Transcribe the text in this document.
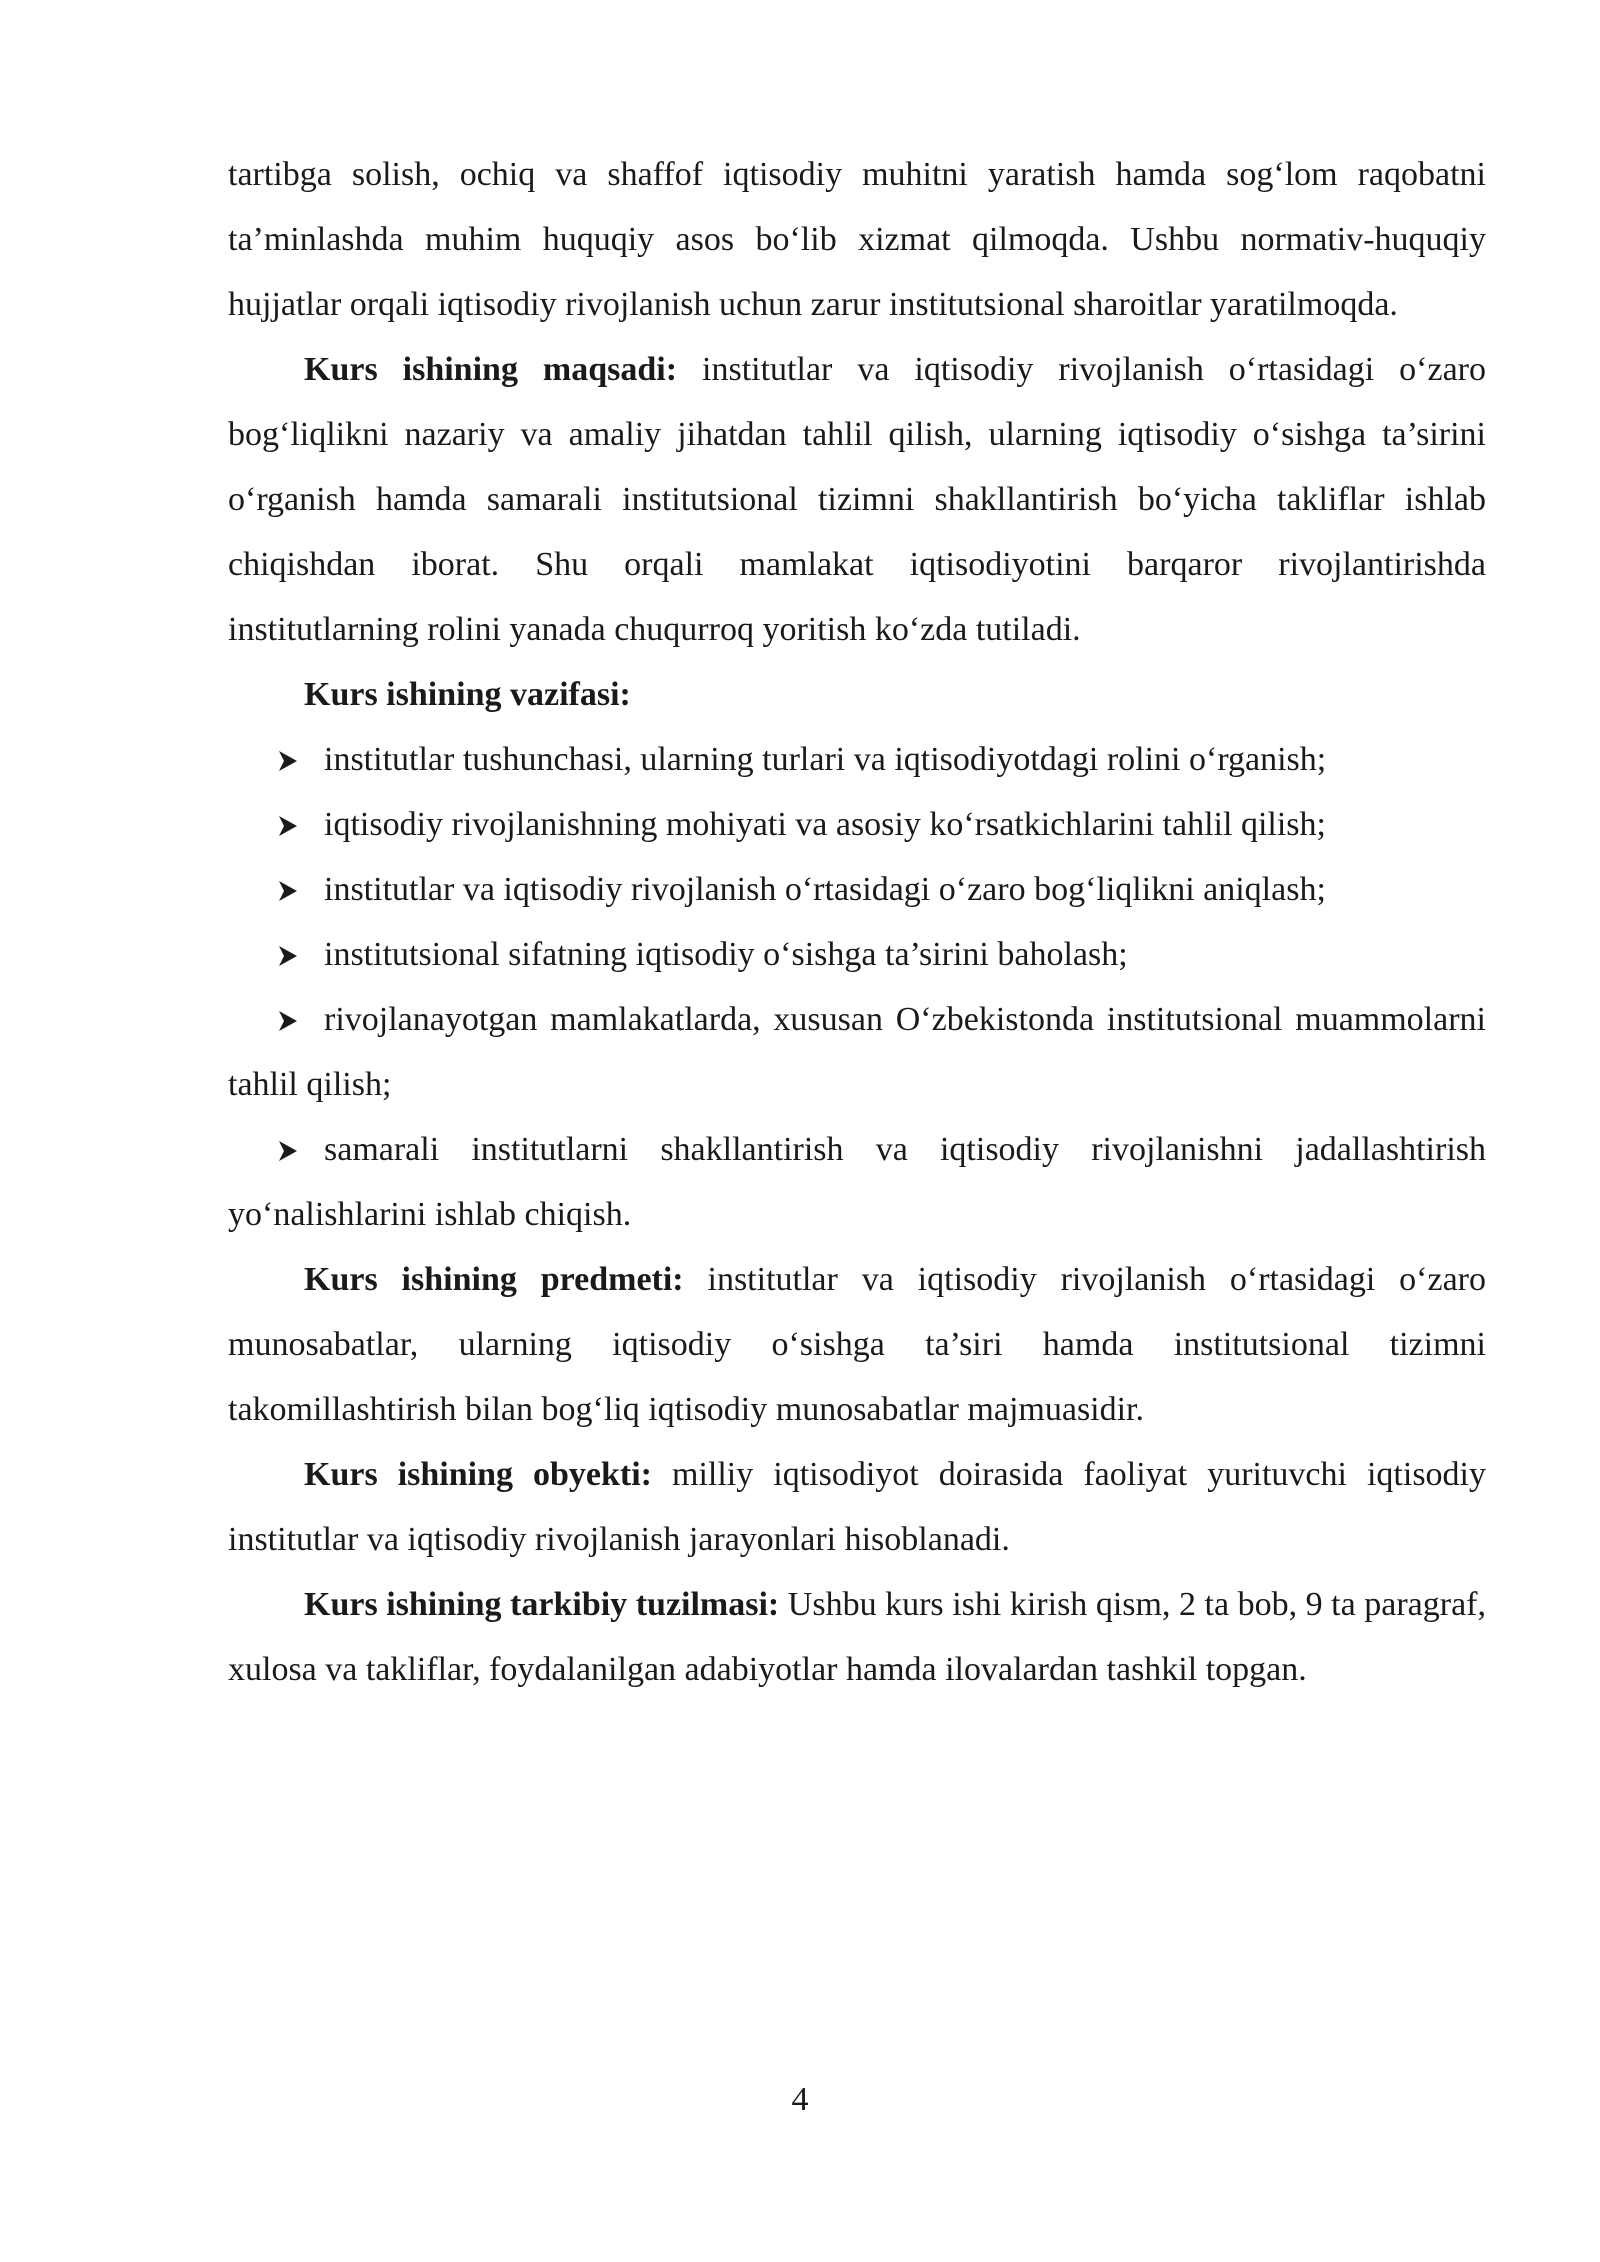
tartibga solish, ochiq va shaffof iqtisodiy muhitni yaratish hamda sog‘lom raqobatni ta’minlashda muhim huquqiy asos bo‘lib xizmat qilmoqda. Ushbu normativ-huquqiy hujjatlar orqali iqtisodiy rivojlanish uchun zarur institutsional sharoitlar yaratilmoqda.

Kurs ishining maqsadi: institutlar va iqtisodiy rivojlanish o‘rtasidagi o‘zaro bog‘liqlikni nazariy va amaliy jihatdan tahlil qilish, ularning iqtisodiy o‘sishga ta’sirini o‘rganish hamda samarali institutsional tizimni shakllantirish bo‘yicha takliflar ishlab chiqishdan iborat. Shu orqali mamlakat iqtisodiyotini barqaror rivojlantirishda institutlarning rolini yanada chuqurroq yoritish ko‘zda tutiladi.

Kurs ishining vazifasi:

institutlar tushunchasi, ularning turlari va iqtisodiyotdagi rolini o‘rganish;
iqtisodiy rivojlanishning mohiyati va asosiy ko‘rsatkichlarini tahlil qilish;
institutlar va iqtisodiy rivojlanish o‘rtasidagi o‘zaro bog‘liqlikni aniqlash;
institutsional sifatning iqtisodiy o‘sishga ta’sirini baholash;

rivojlanayotgan mamlakatlarda, xususan O‘zbekistonda institutsional muammolarni tahlil qilish;

samarali institutlarni shakllantirish va iqtisodiy rivojlanishni jadallashtirish yo‘nalishlarini ishlab chiqish.

Kurs ishining predmeti: institutlar va iqtisodiy rivojlanish o‘rtasidagi o‘zaro munosabatlar, ularning iqtisodiy o‘sishga ta’siri hamda institutsional tizimni takomillashtirish bilan bog‘liq iqtisodiy munosabatlar majmuasidir.

Kurs ishining obyekti: milliy iqtisodiyot doirasida faoliyat yurituvchi iqtisodiy institutlar va iqtisodiy rivojlanish jarayonlari hisoblanadi.

Kurs ishining tarkibiy tuzilmasi: Ushbu kurs ishi kirish qism, 2 ta bob, 9 ta paragraf, xulosa va takliflar, foydalanilgan adabiyotlar hamda ilovalardan tashkil topgan.

4
